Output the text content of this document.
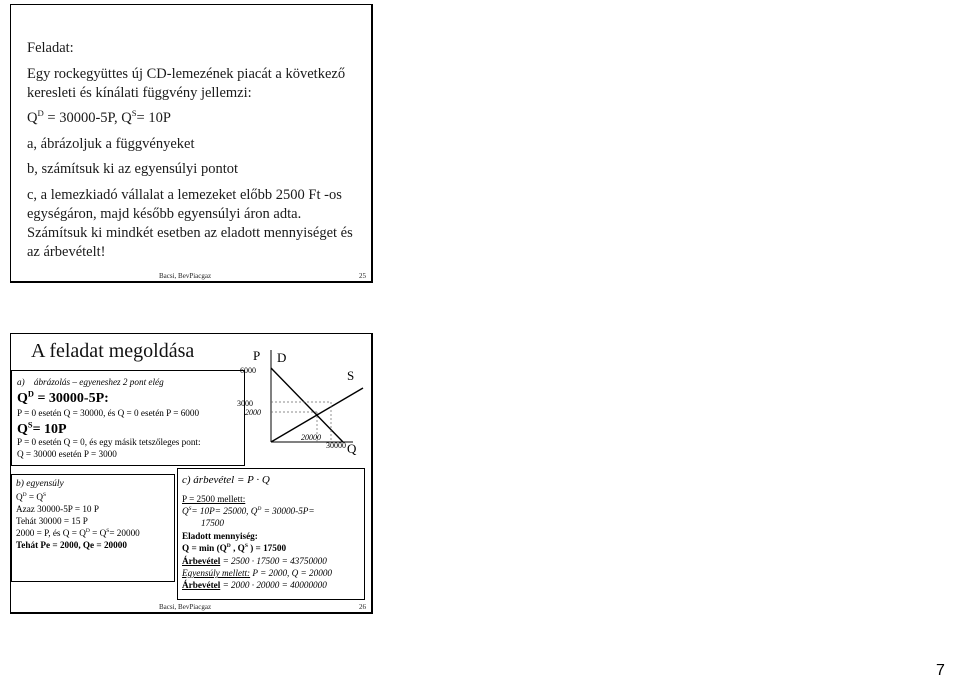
Feladat:
Egy rockegyüttes új CD-lemezének piacát a következő
keresleti és kínálati függvény jellemzi:
$Q^D = 30000-5P$, $Q^S= 10P$
a, ábrázoljuk a függvényeket
b, számítsuk ki az egyensúlyi pontot
c, a lemezkiadó vállalat a lemezeket előbb 2500 Ft -os
egységáron, majd később egyensúlyi áron adta.
Számítsuk ki mindkét esetben az eladott mennyiséget és
az árbevételt!
Bacsi, BevPiacgaz	25
A feladat megoldása
a) ábrázolás – egyeneshez 2 pont elég
$Q^D = 30000-5P$:
P = 0 esetén Q = 30000, és Q = 0 esetén P = 6000
$Q^S= 10P$
P = 0 esetén Q = 0, és egy másik tetszőleges pont:
Q = 30000 esetén P = 3000
P D
S
Q
6000
3000
2000
20000
30000
b) egyensúly
$Q^D = Q^S$
Azaz 30000-5P = 10 P
Tehát 30000 = 15 P
2000 = P, és $Q = Q^D = Q^S= 20000$
Tehát Pe = 2000, Qe = 20000
c) árbevétel = P · Q
P = 2500 mellett:
$Q^S= 10P= 25000$, $Q^D = 30000-5P=$
17500
Eladott mennyiség:
$Q = \min (Q^D$ , $Q^S$ ) = 17500
Árbevétel = 2500 · 17500 = 43750000
Egyensúly mellett: P = 2000, Q = 20000
Árbevétel = 2000 · 20000 = 40000000
Bacsi, BevPiacgaz	26
7
